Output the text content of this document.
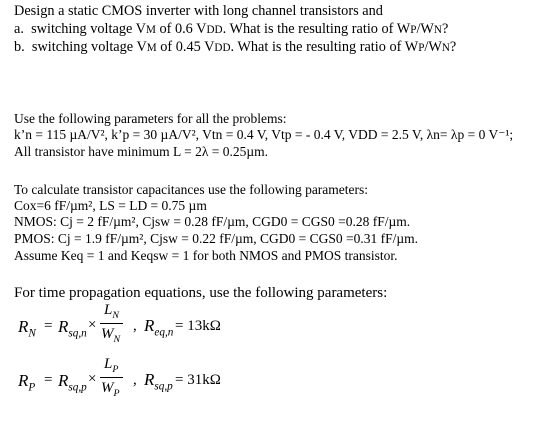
Design a static CMOS inverter with long channel transistors and
a. switching voltage VM of 0.6 VDD. What is the resulting ratio of WP/WN?
b. switching voltage VM of 0.45 VDD. What is the resulting ratio of WP/WN?
Use the following parameters for all the problems:
k’n = 115 µA/V², k’p = 30 µA/V², Vtn = 0.4 V, Vtp = - 0.4 V, VDD = 2.5 V, λn= λp = 0 V⁻¹;
All transistor have minimum L = 2λ = 0.25µm.
To calculate transistor capacitances use the following parameters:
Cox=6 fF/µm², LS = LD = 0.75 µm
NMOS: Cj = 2 fF/µm², Cjsw = 0.28 fF/µm, CGD0 = CGS0 =0.28 fF/µm.
PMOS: Cj = 1.9 fF/µm², Cjsw = 0.22 fF/µm, CGD0 = CGS0 =0.31 fF/µm.
Assume Keq = 1 and Keqsw = 1 for both NMOS and PMOS transistor.
For time propagation equations, use the following parameters:
$R_N = R_{sq,n}$
×
$L_N$
$W_N$
, $R_{eq,n} = 13k\Omega$
$R_P = R_{sq,p}$
×
$L_P$
$W_P$
, $R_{sq,p} = 31k\Omega$
